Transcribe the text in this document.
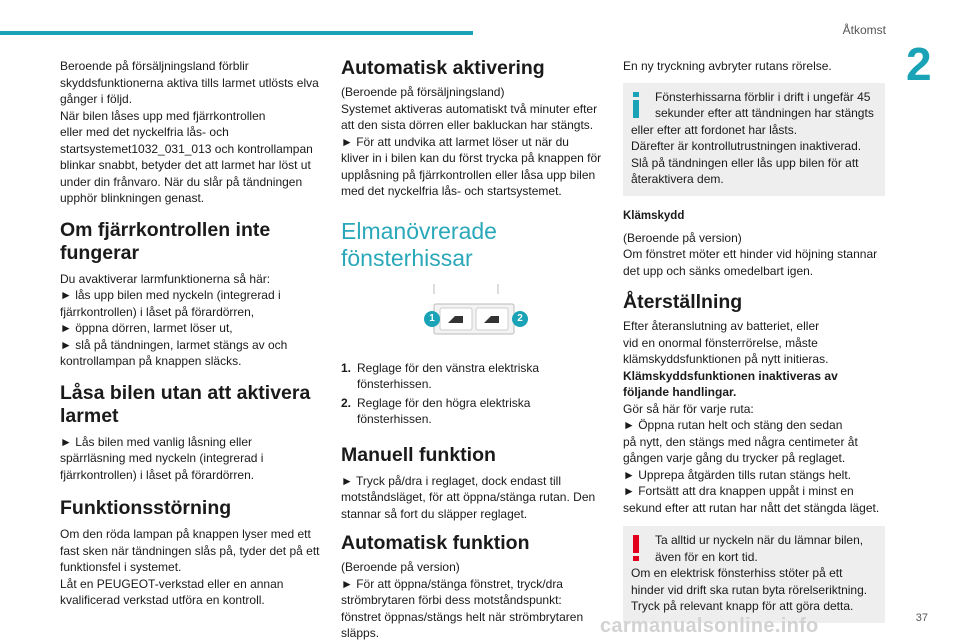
Åtkomst
2

Beroende på försäljningsland förblir
skyddsfunktionerna aktiva tills larmet utlösts elva
gånger i följd.
När bilen låses upp med fjärrkontrollen
eller med det nyckelfria lås- och
startsystemet1032_031_013 och kontrollampan
blinkar snabbt, betyder det att larmet har löst ut
under din frånvaro. När du slår på tändningen
upphör blinkningen genast.

Om fjärrkontrollen inte fungerar

Du avaktiverar larmfunktionerna så här:
► lås upp bilen med nyckeln (integrerad i
fjärrkontrollen) i låset på förardörren,
► öppna dörren, larmet löser ut,
► slå på tändningen, larmet stängs av och
kontrollampan på knappen släcks.

Låsa bilen utan att aktivera larmet

► Lås bilen med vanlig låsning eller
spärrläsning med nyckeln (integrerad i
fjärrkontrollen) i låset på förardörren.

Funktionsstörning

Om den röda lampan på knappen lyser med ett
fast sken när tändningen slås på, tyder det på ett
funktionsfel i systemet.
Låt en PEUGEOT-verkstad eller en annan
kvalificerad verkstad utföra en kontroll.

Automatisk aktivering

(Beroende på försäljningsland)
Systemet aktiveras automatiskt två minuter efter
att den sista dörren eller bakluckan har stängts.
► För att undvika att larmet löser ut när du
kliver in i bilen kan du först trycka på knappen för
upplåsning på fjärrkontrollen eller låsa upp bilen
med det nyckelfria lås- och startsystemet.

Elmanövrerade fönsterhissar
1	2
1. Reglage för den vänstra elektriska
fönsterhissen.
2. Reglage för den högra elektriska
fönsterhissen.
Manuell funktion

► Tryck på/dra i reglaget, dock endast till
motståndsläget, för att öppna/stänga rutan. Den
stannar så fort du släpper reglaget.

Automatisk funktion

(Beroende på version)
► För att öppna/stänga fönstret, tryck/dra
strömbrytaren förbi dess motståndspunkt:
fönstret öppnas/stängs helt när strömbrytaren
släpps.

En ny tryckning avbryter rutans rörelse.

Fönsterhissarna förblir i drift i ungefär 45
sekunder efter att tändningen har stängts
eller efter att fordonet har låsts.
Därefter är kontrollutrustningen inaktiverad.
Slå på tändningen eller lås upp bilen för att
återaktivera dem.

Klämskydd

(Beroende på version)
Om fönstret möter ett hinder vid höjning stannar
det upp och sänks omedelbart igen.

Återställning

Efter återanslutning av batteriet, eller
vid en onormal fönsterrörelse, måste
klämskyddsfunktionen på nytt initieras.
Klämskyddsfunktionen inaktiveras av
följande handlingar.
Gör så här för varje ruta:
► Öppna rutan helt och stäng den sedan
på nytt, den stängs med några centimeter åt
gången varje gång du trycker på reglaget.
► Upprepa åtgärden tills rutan stängs helt.
► Fortsätt att dra knappen uppåt i minst en
sekund efter att rutan har nått det stängda läget.

Ta alltid ur nyckeln när du lämnar bilen,
även för en kort tid.
Om en elektrisk fönsterhiss stöter på ett
hinder vid drift ska rutan byta rörelseriktning.
Tryck på relevant knapp för att göra detta.

carmanualsonline.info	37
